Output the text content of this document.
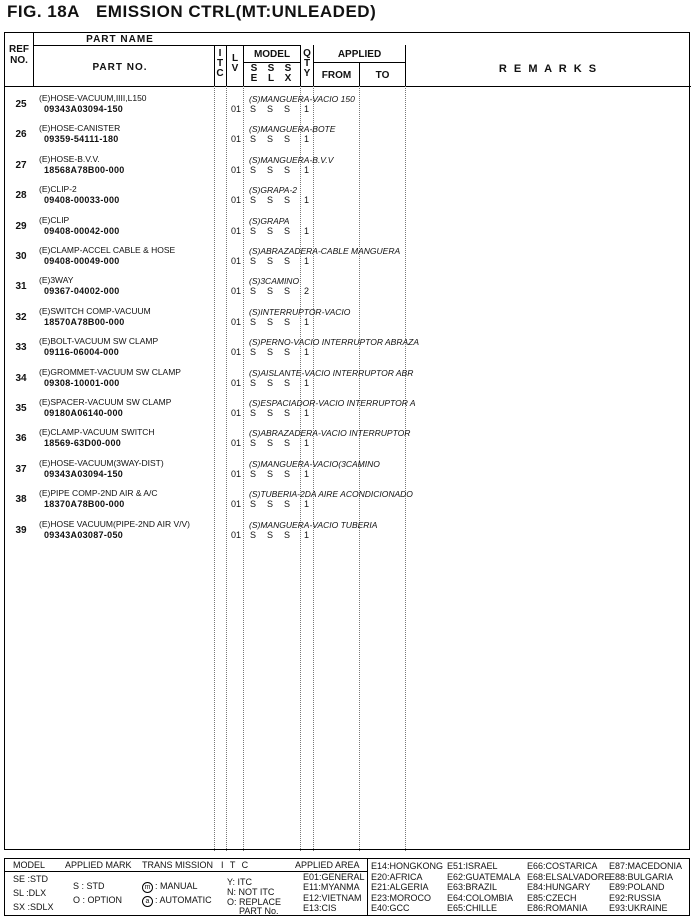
FIG. 18A EMISSION CTRL(MT:UNLEADED)
REF
NO.
PART NAME
PART NO.
I
T
C
L
V
MODEL
S
E
S
L
S
X
Q
T
Y
APPLIED
FROM	TO
R E M A R K S
25
(E)HOSE-VACUUM,IIII,L150
09343A03094-150
(S)MANGUERA-VACIO 150
01 S S S 1
26
(E)HOSE-CANISTER
09359-54111-180
(S)MANGUERA-BOTE
01 S S S 1
27
(E)HOSE-B.V.V.
18568A78B00-000
(S)MANGUERA-B.V.V
01 S S S 1
28
(E)CLIP-2
09408-00033-000
(S)GRAPA-2
01 S S S 1
29
(E)CLIP
09408-00042-000
(S)GRAPA
01 S S S 1
30
(E)CLAMP-ACCEL CABLE & HOSE
09408-00049-000
(S)ABRAZADERA-CABLE MANGUERA
01 S S S 1
31
(E)3WAY
09367-04002-000
(S)3CAMINO
01 S S S 2
32
(E)SWITCH COMP-VACUUM
18570A78B00-000
(S)INTERRUPTOR-VACIO
01 S S S 1
33
(E)BOLT-VACUUM SW CLAMP
09116-06004-000
(S)PERNO-VACIO INTERRUPTOR ABRAZA
01 S S S 1
34
(E)GROMMET-VACUUM SW CLAMP
09308-10001-000
(S)AISLANTE-VACIO INTERRUPTOR ABR
01 S S S 1
35
(E)SPACER-VACUUM SW CLAMP
09180A06140-000
(S)ESPACIADOR-VACIO INTERRUPTOR A
01 S S S 1
36
(E)CLAMP-VACUUM SWITCH
18569-63D00-000
(S)ABRAZADERA-VACIO INTERRUPTOR
01 S S S 1
37
(E)HOSE-VACUUM(3WAY-DIST)
09343A03094-150
(S)MANGUERA-VACIO(3CAMINO
01 S S S 1
38
(E)PIPE COMP-2ND AIR & A/C
18370A78B00-000
(S)TUBERIA-2DA AIRE ACONDICIONADO
01 S S S 1
39
(E)HOSE VACUUM(PIPE-2ND AIR V/V)
09343A03087-050
(S)MANGUERA-VACIO TUBERIA
01 S S S 1
MODEL APPLIED MARK TRANS MISSION I T C	APPLIED AREA
SE :STD
SL :DLX
SX :SDLX
S : STD
O : OPTION
m : MANUAL
a : AUTOMATIC
Y: ITC
N: NOT ITC
O: REPLACE
PART No.
E01:GENERAL
E11:MYANMA
E12:VIETNAM
E13:CIS
E14:HONGKONG
E20:AFRICA
E21:ALGERIA
E23:MOROCO
E40:GCC
E51:ISRAEL
E62:GUATEMALA
E63:BRAZIL
E64:COLOMBIA
E65:CHILLE
E66:COSTARICA
E68:ELSALVADORE
E84:HUNGARY
E85:CZECH
E86:ROMANIA
E87:MACEDONIA
E88:BULGARIA
E89:POLAND
E92:RUSSIA
E93:UKRAINE
